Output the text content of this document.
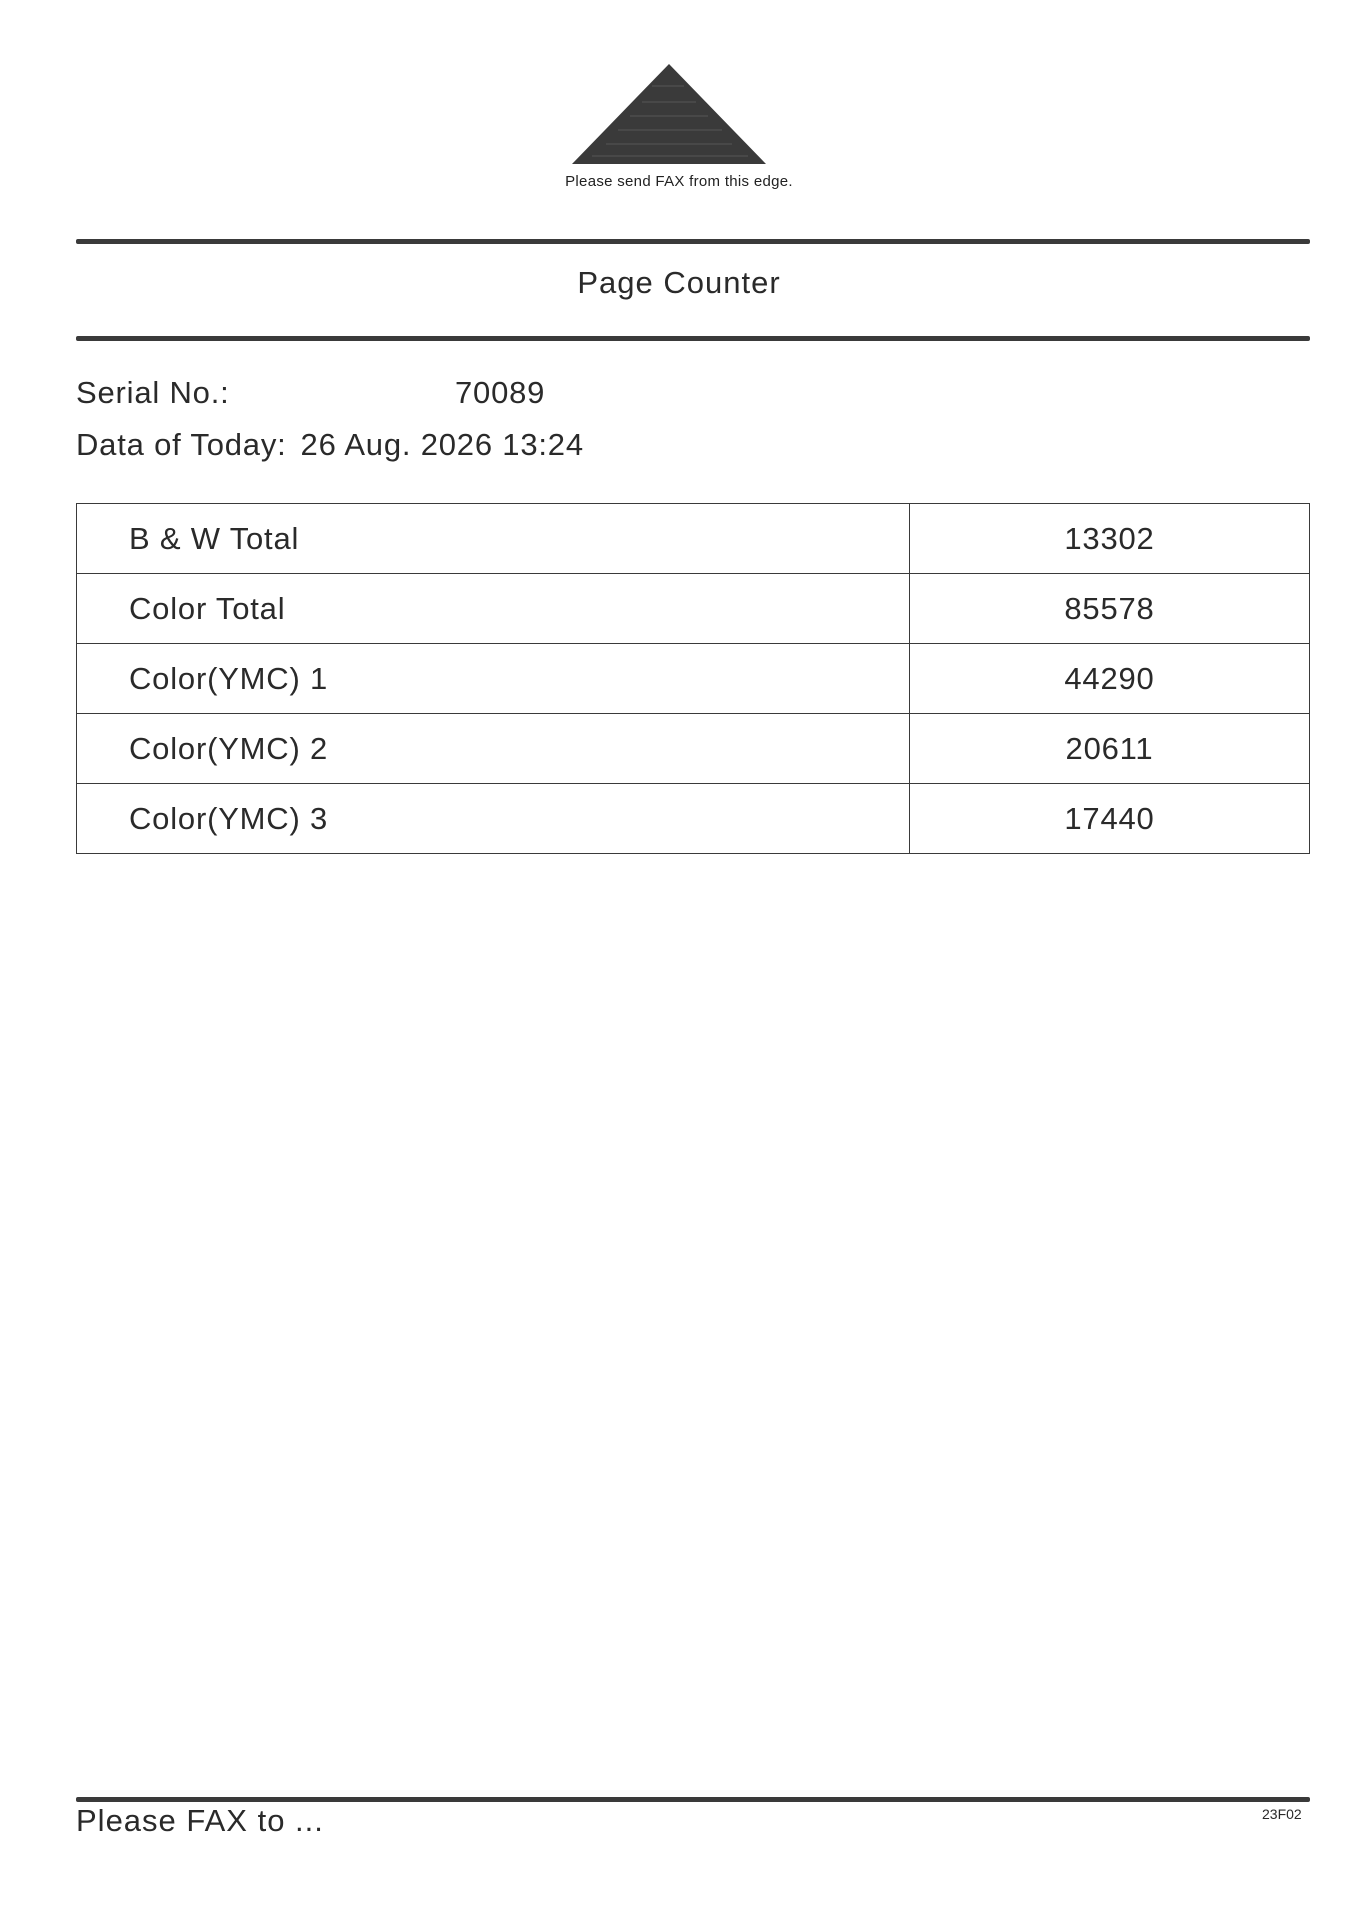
Please send FAX from this edge.
Page Counter
Serial No.:	70089
Data of Today: 26 Aug. 2026 13:24
B & W Total	13302
Color Total	85578
Color(YMC) 1	44290
Color(YMC) 2	20611
Color(YMC) 3	17440
Please FAX to ...	23F02
